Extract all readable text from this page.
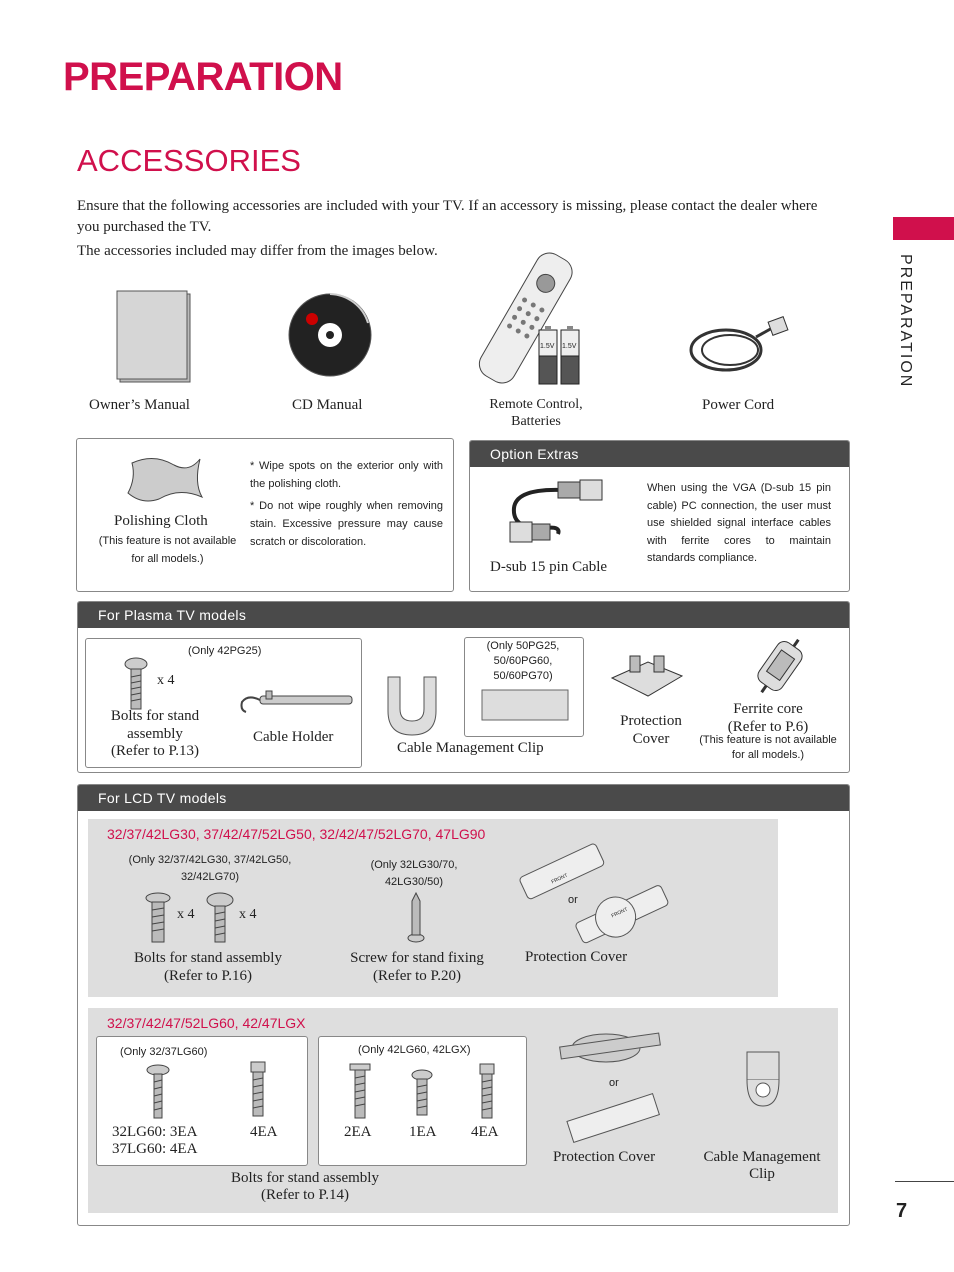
PREPARATION
ACCESSORIES
Ensure that the following accessories are included with your TV. If an accessory is missing, please contact the dealer where you purchased the TV.
The accessories included may differ from the images below.
PREPARATION
Owner’s Manual	CD Manual
1.5V 1.5V
Remote Control,
Batteries
Power Cord
Polishing Cloth
(This feature is not available
for all models.)
* Wipe spots on the exterior only with the polishing cloth.
* Do not wipe roughly when removing stain. Excessive pressure may cause scratch or discoloration.
Option Extras
D-sub 15 pin Cable
When using the VGA (D-sub 15 pin cable) PC connection, the user must use shielded signal interface cables with ferrite cores to maintain standards compliance.
For Plasma TV models
(Only 42PG25)
x 4
Bolts for stand
assembly
(Refer to P.13)
Cable Holder
(Only 50PG25,
50/60PG60,
50/60PG70)
Cable Management Clip
Protection
Cover
Ferrite core
(Refer to P.6)
(This feature is not available
for all models.)
For LCD TV models
32/37/42LG30, 37/42/47/52LG50, 32/42/47/52LG70, 47LG90
(Only 32/37/42LG30, 37/42LG50,
32/42LG70)
x 4	x 4
Bolts for stand assembly
(Refer to P.16)
(Only 32LG30/70,
42LG30/50)
Screw for stand fixing
(Refer to P.20)
FRONT
FRONT
or
Protection Cover
32/37/42/47/52LG60, 42/47LGX
(Only 32/37LG60)
32LG60: 3EA
37LG60: 4EA
4EA
(Only 42LG60, 42LGX)
2EA	1EA 4EA
Bolts for stand assembly
(Refer to P.14)
or
Protection Cover	Cable Management
Clip
7
